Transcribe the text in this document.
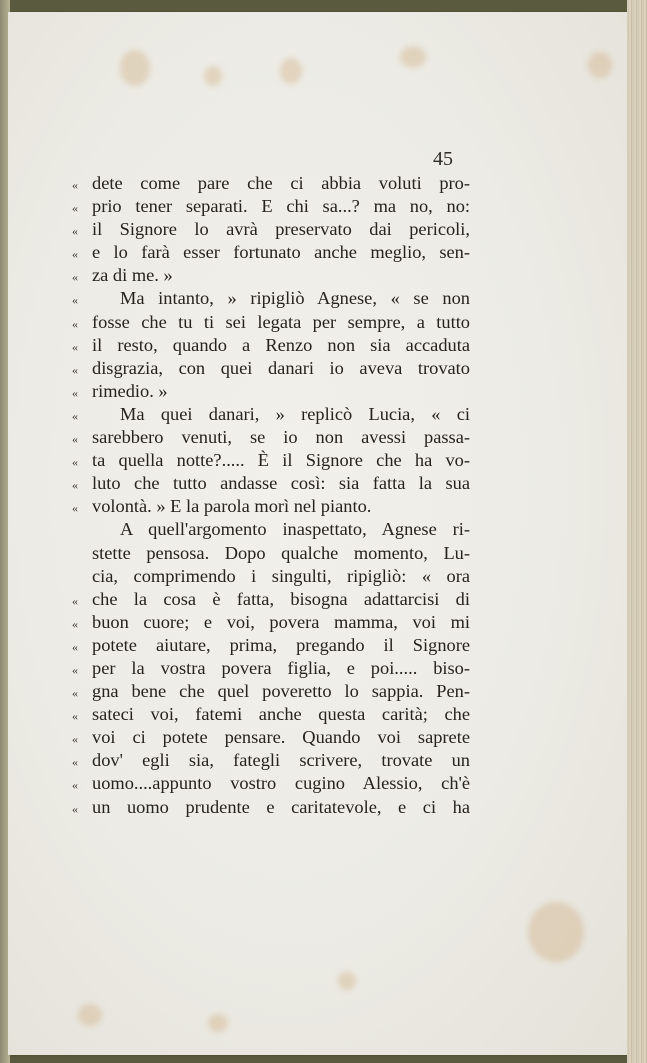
45
« dete come pare che ci abbia voluti pro-
« prio tener separati. E chi sa...? ma no, no:
« il Signore lo avrà preservato dai pericoli,
« e lo farà esser fortunato anche meglio, sen-
« za di me. »
« Ma intanto, » ripigliò Agnese, « se non
« fosse che tu ti sei legata per sempre, a tutto
« il resto, quando a Renzo non sia accaduta
« disgrazia, con quei danari io aveva trovato
« rimedio. »
« Ma quei danari, » replicò Lucia, « ci
« sarebbero venuti, se io non avessi passa-
« ta quella notte?..... È il Signore che ha vo-
« luto che tutto andasse così: sia fatta la sua
« volontà. » E la parola morì nel pianto.
A quell'argomento inaspettato, Agnese ri-
stette pensosa. Dopo qualche momento, Lu-
cia, comprimendo i singulti, ripigliò: « ora
« che la cosa è fatta, bisogna adattarcisi di
« buon cuore; e voi, povera mamma, voi mi
« potete aiutare, prima, pregando il Signore
« per la vostra povera figlia, e poi..... biso-
« gna bene che quel poveretto lo sappia. Pen-
« sateci voi, fatemi anche questa carità; che
« voi ci potete pensare. Quando voi saprete
« dov' egli sia, fategli scrivere, trovate un
« uomo....appunto vostro cugino Alessio, ch'è
« un uomo prudente e caritatevole, e ci ha
